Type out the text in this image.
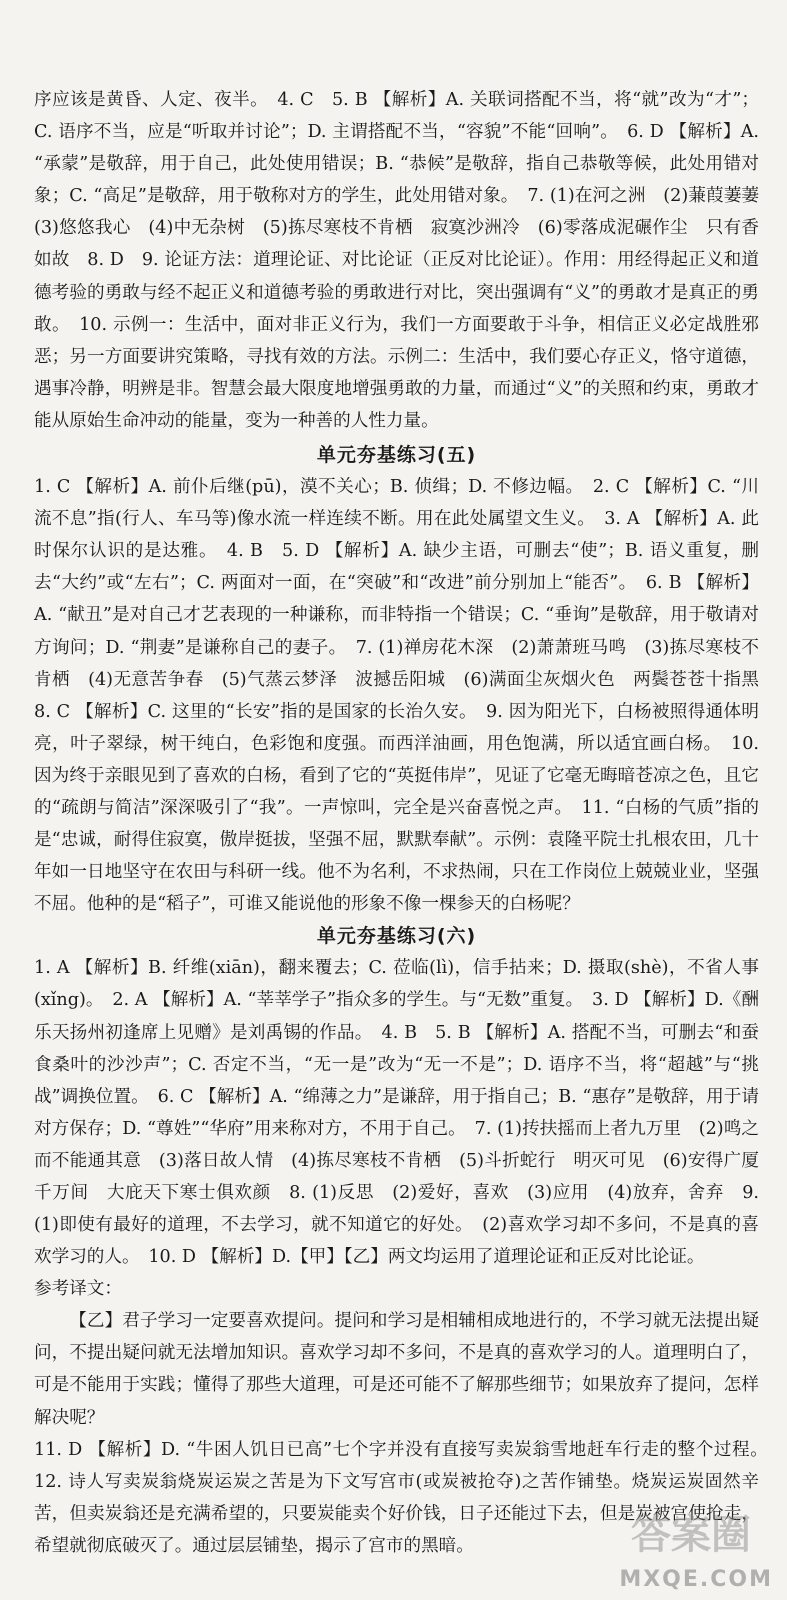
序应该是黄昏、人定、夜半。　4. C　5. B 【解析】A. 关联词搭配不当，将“就”改为“才”；C. 语序不当，应是“听取并讨论”；D. 主谓搭配不当，“容貌”不能“回响”。　6. D 【解析】A. “承蒙”是敬辞，用于自己，此处使用错误；B. “恭候”是敬辞，指自己恭敬等候，此处用错对象；C. “高足”是敬辞，用于敬称对方的学生，此处用错对象。　7. (1)在河之洲　(2)蒹葭萋萋　(3)悠悠我心　(4)中无杂树　(5)拣尽寒枝不肯栖　寂寞沙洲冷　(6)零落成泥碾作尘　只有香如故　8. D　9. 论证方法：道理论证、对比论证（正反对比论证）。作用：用经得起正义和道德考验的勇敢与经不起正义和道德考验的勇敢进行对比，突出强调有“义”的勇敢才是真正的勇敢。　10. 示例一：生活中，面对非正义行为，我们一方面要敢于斗争，相信正义必定战胜邪恶；另一方面要讲究策略，寻找有效的方法。示例二：生活中，我们要心存正义，恪守道德，遇事冷静，明辨是非。智慧会最大限度地增强勇敢的力量，而通过“义”的关照和约束，勇敢才能从原始生命冲动的能量，变为一种善的人性力量。

单元夯基练习(五)

1. C 【解析】A. 前仆后继(pū)，漠不关心；B. 侦缉；D. 不修边幅。　2. C 【解析】C. “川流不息”指(行人、车马等)像水流一样连续不断。用在此处属望文生义。　3. A 【解析】A. 此时保尔认识的是达雅。　4. B　5. D 【解析】A. 缺少主语，可删去“使”；B. 语义重复，删去“大约”或“左右”；C. 两面对一面，在“突破”和“改进”前分别加上“能否”。　6. B 【解析】A. “献丑”是对自己才艺表现的一种谦称，而非特指一个错误；C. “垂询”是敬辞，用于敬请对方询问；D. “荆妻”是谦称自己的妻子。　7. (1)禅房花木深　(2)萧萧班马鸣　(3)拣尽寒枝不肯栖　(4)无意苦争春　(5)气蒸云梦泽　波撼岳阳城　(6)满面尘灰烟火色　两鬓苍苍十指黑　8. C 【解析】C. 这里的“长安”指的是国家的长治久安。　9. 因为阳光下，白杨被照得通体明亮，叶子翠绿，树干纯白，色彩饱和度强。而西洋油画，用色饱满，所以适宜画白杨。　10. 因为终于亲眼见到了喜欢的白杨，看到了它的“英挺伟岸”，见证了它毫无晦暗苍凉之色，且它的“疏朗与简洁”深深吸引了“我”。一声惊叫，完全是兴奋喜悦之声。　11. “白杨的气质”指的是“忠诚，耐得住寂寞，傲岸挺拔，坚强不屈，默默奉献”。示例：袁隆平院士扎根农田，几十年如一日地坚守在农田与科研一线。他不为名利，不求热闹，只在工作岗位上兢兢业业，坚强不屈。他种的是“稻子”，可谁又能说他的形象不像一棵参天的白杨呢？

单元夯基练习(六)

1. A 【解析】B. 纤维(xiān)，翻来覆去；C. 莅临(lì)，信手拈来；D. 摄取(shè)，不省人事(xǐng)。　2. A 【解析】A. “莘莘学子”指众多的学生。与“无数”重复。　3. D 【解析】D.《酬乐天扬州初逢席上见赠》是刘禹锡的作品。　4. B　5. B 【解析】A. 搭配不当，可删去“和蚕食桑叶的沙沙声”；C. 否定不当，“无一是”改为“无一不是”；D. 语序不当，将“超越”与“挑战”调换位置。　6. C 【解析】A. “绵薄之力”是谦辞，用于指自己；B. “惠存”是敬辞，用于请对方保存；D. “尊姓”“华府”用来称对方，不用于自己。　7. (1)抟扶摇而上者九万里　(2)鸣之而不能通其意　(3)落日故人情　(4)拣尽寒枝不肯栖　(5)斗折蛇行　明灭可见　(6)安得广厦千万间　大庇天下寒士俱欢颜　8. (1)反思　(2)爱好，喜欢　(3)应用　(4)放弃，舍弃　9. (1)即使有最好的道理，不去学习，就不知道它的好处。　(2)喜欢学习却不多问，不是真的喜欢学习的人。　10. D 【解析】D.【甲】【乙】两文均运用了道理论证和正反对比论证。

参考译文：

【乙】君子学习一定要喜欢提问。提问和学习是相辅相成地进行的，不学习就无法提出疑问，不提出疑问就无法增加知识。喜欢学习却不多问，不是真的喜欢学习的人。道理明白了，可是不能用于实践；懂得了那些大道理，可是还可能不了解那些细节；如果放弃了提问，怎样解决呢？

11. D 【解析】D. “牛困人饥日已高”七个字并没有直接写卖炭翁雪地赶车行走的整个过程。　12. 诗人写卖炭翁烧炭运炭之苦是为下文写宫市(或炭被抢夺)之苦作铺垫。烧炭运炭固然辛苦，但卖炭翁还是充满希望的，只要炭能卖个好价钱，日子还能过下去，但是炭被宫使抢走，希望就彻底破灭了。通过层层铺垫，揭示了宫市的黑暗。	答案圈
MXQE.COM
